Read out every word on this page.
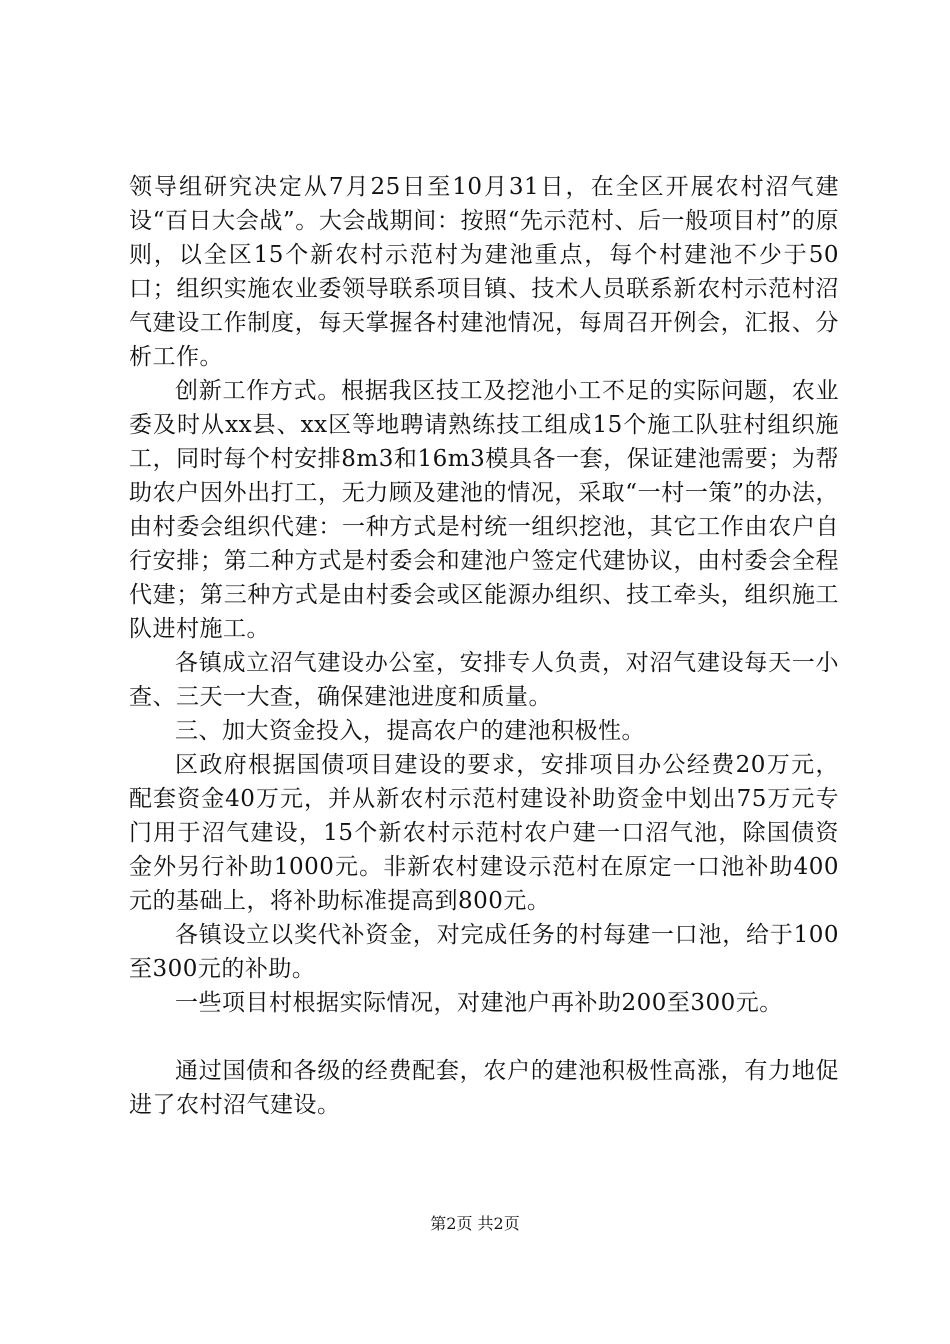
领导组研究决定从7月25日至10月31日，在全区开展农村沼气建设“百日大会战”。大会战期间：按照“先示范村、后一般项目村”的原则，以全区15个新农村示范村为建池重点，每个村建池不少于50口；组织实施农业委领导联系项目镇、技术人员联系新农村示范村沼气建设工作制度，每天掌握各村建池情况，每周召开例会，汇报、分析工作。

创新工作方式。根据我区技工及挖池小工不足的实际问题，农业委及时从xx县、xx区等地聘请熟练技工组成15个施工队驻村组织施工，同时每个村安排8m3和16m3模具各一套，保证建池需要；为帮助农户因外出打工，无力顾及建池的情况，采取“一村一策”的办法，由村委会组织代建：一种方式是村统一组织挖池，其它工作由农户自行安排；第二种方式是村委会和建池户签定代建协议，由村委会全程代建；第三种方式是由村委会或区能源办组织、技工牵头，组织施工队进村施工。

各镇成立沼气建设办公室，安排专人负责，对沼气建设每天一小查、三天一大查，确保建池进度和质量。

三、加大资金投入，提高农户的建池积极性。

区政府根据国债项目建设的要求，安排项目办公经费20万元，配套资金40万元，并从新农村示范村建设补助资金中划出75万元专门用于沼气建设，15个新农村示范村农户建一口沼气池，除国债资金外另行补助1000元。非新农村建设示范村在原定一口池补助400元的基础上，将补助标准提高到800元。

各镇设立以奖代补资金，对完成任务的村每建一口池，给于100至300元的补助。

一些项目村根据实际情况，对建池户再补助200至300元。

通过国债和各级的经费配套，农户的建池积极性高涨，有力地促进了农村沼气建设。

第2页 共2页
